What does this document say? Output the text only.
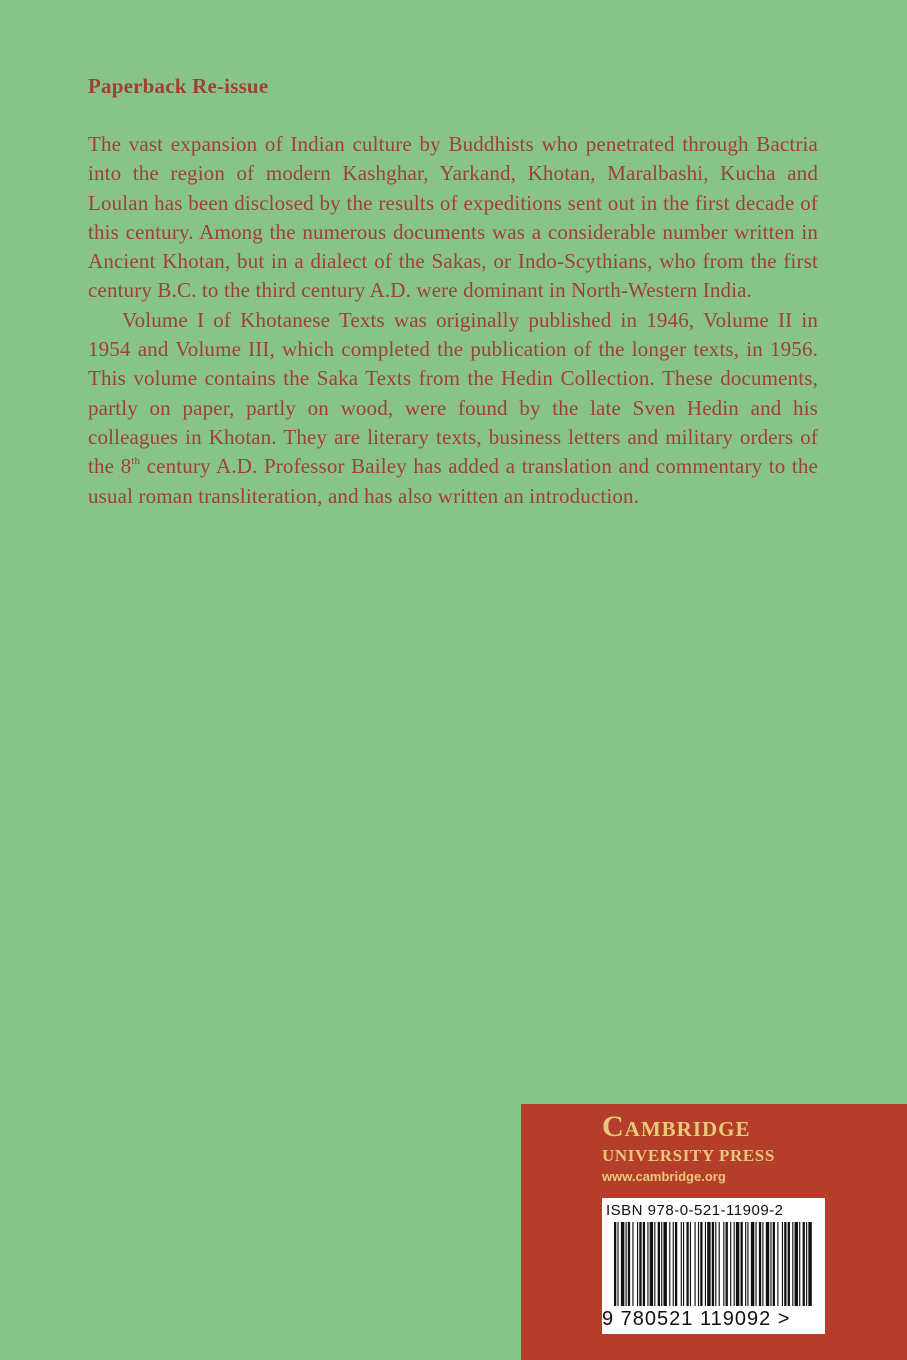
Paperback Re-issue

The vast expansion of Indian culture by Buddhists who penetrated through Bactria into the region of modern Kashghar, Yarkand, Khotan, Maralbashi, Kucha and Loulan has been disclosed by the results of expeditions sent out in the first decade of this century. Among the numerous documents was a considerable number written in Ancient Khotan, but in a dialect of the Sakas, or Indo-Scythians, who from the first century B.C. to the third century A.D. were dominant in North-Western India.

Volume I of Khotanese Texts was originally published in 1946, Volume II in 1954 and Volume III, which completed the publication of the longer texts, in 1956. This volume contains the Saka Texts from the Hedin Collection. These documents, partly on paper, partly on wood, were found by the late Sven Hedin and his colleagues in Khotan. They are literary texts, business letters and military orders of the 8th century A.D. Professor Bailey has added a translation and commentary to the usual roman transliteration, and has also written an introduction.

Cambridge
UNIVERSITY PRESS
www.cambridge.org
ISBN 978-0-521-11909-2
9 780521 119092 >
